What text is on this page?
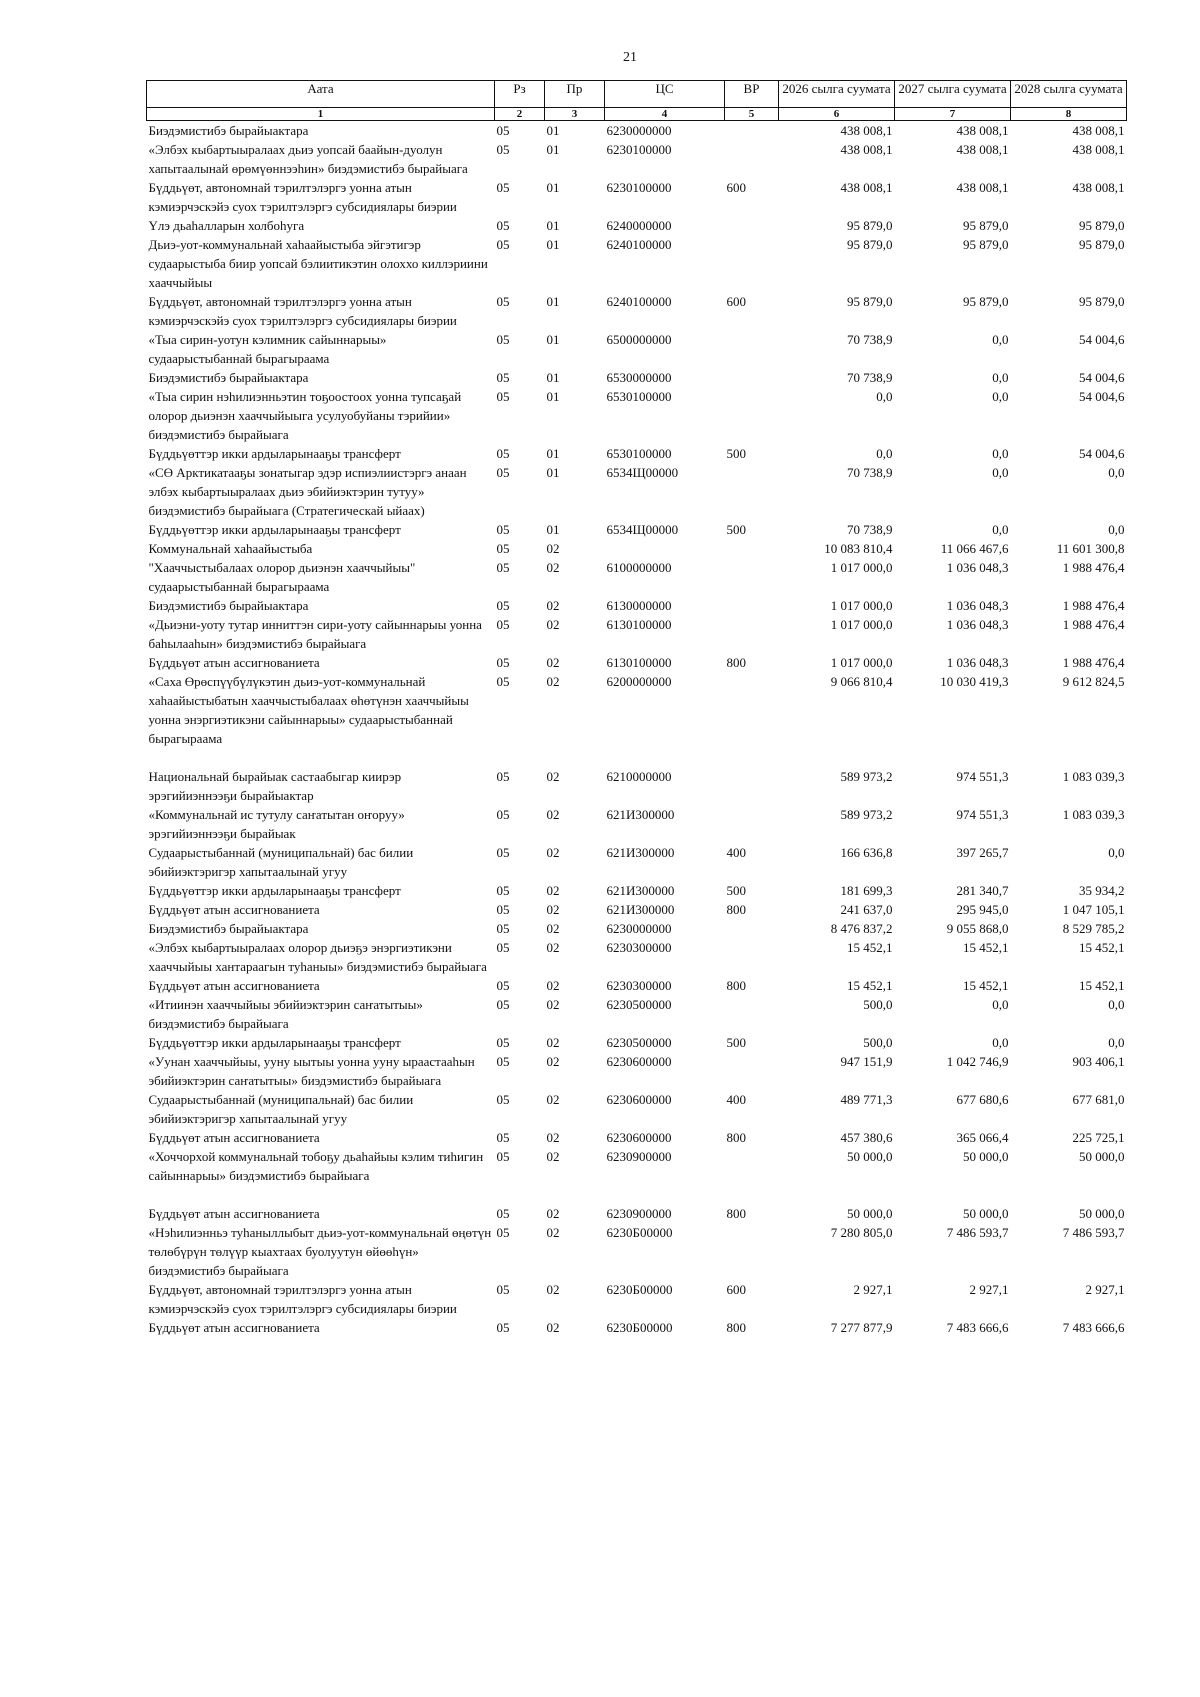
21
Аата	Рз	Пр	ЦС	ВР	2026 сылга суумата	2027 сылга суумата	2028 сылга суумата
1	2	3	4	5	6	7	8
Биэдэмистибэ бырайыактара	05	01	6230000000		438 008,1	438 008,1	438 008,1
«Элбэх кыбартыыралаах дьиэ уопсай баайын-дуолун хапытаалынай өрөмүөннээһин» биэдэмистибэ бырайыага	05	01	6230100000		438 008,1	438 008,1	438 008,1
Бүддьүөт, автономнай тэрилтэлэргэ уонна атын кэмиэрчэскэйэ суох тэрилтэлэргэ субсидиялары биэрии	05	01	6230100000	600	438 008,1	438 008,1	438 008,1
Үлэ дьаһалларын холбоһуга	05	01	6240000000		95 879,0	95 879,0	95 879,0
Дьиэ-уот-коммунальнай хаһаайыстыба эйгэтигэр судаарыстыба биир уопсай бэлиитикэтин олоххо киллэриини хааччыйыы	05	01	6240100000		95 879,0	95 879,0	95 879,0
Бүддьүөт, автономнай тэрилтэлэргэ уонна атын кэмиэрчэскэйэ суох тэрилтэлэргэ субсидиялары биэрии	05	01	6240100000	600	95 879,0	95 879,0	95 879,0
«Тыа сирин-уотун кэлимник сайыннарыы» судаарыстыбаннай бырагыраама	05	01	6500000000		70 738,9	0,0	54 004,6
Биэдэмистибэ бырайыактара	05	01	6530000000		70 738,9	0,0	54 004,6
«Тыа сирин нэһилиэнньэтин тоҕоостоох уонна тупсаҕай олорор дьиэнэн хааччыйыыга усулуобуйаны тэрийии» биэдэмистибэ бырайыага	05	01	6530100000		0,0	0,0	54 004,6
Бүддьүөттэр икки ардыларынааҕы трансферт	05	01	6530100000	500	0,0	0,0	54 004,6
«СӨ Арктикатааҕы зонатыгар эдэр испиэлиистэргэ анаан элбэх кыбартыыралаах дьиэ эбийиэктэрин тутуу» биэдэмистибэ бырайыага (Стратегическай ыйаах)	05	01	6534Щ00000		70 738,9	0,0	0,0
Бүддьүөттэр икки ардыларынааҕы трансферт	05	01	6534Щ00000	500	70 738,9	0,0	0,0
Коммунальнай хаһаайыстыба	05	02			10 083 810,4	11 066 467,6	11 601 300,8
"Хааччыстыбалаах олорор дьиэнэн хааччыйыы" судаарыстыбаннай бырагыраама	05	02	6100000000		1 017 000,0	1 036 048,3	1 988 476,4
Биэдэмистибэ бырайыактара	05	02	6130000000		1 017 000,0	1 036 048,3	1 988 476,4
«Дьиэни-уоту тутар инниттэн сири-уоту сайыннарыы уонна баһылааһын» биэдэмистибэ бырайыага	05	02	6130100000		1 017 000,0	1 036 048,3	1 988 476,4
Бүддьүөт атын ассигнованиета	05	02	6130100000	800	1 017 000,0	1 036 048,3	1 988 476,4
«Саха Өрөспүүбүлүкэтин дьиэ-уот-коммунальнай хаһаайыстыбатын хааччыстыбалаах өһөтүнэн хааччыйыы уонна энэргиэтикэни сайыннарыы» судаарыстыбаннай бырагыраама	05	02	6200000000		9 066 810,4	10 030 419,3	9 612 824,5
Национальнай бырайыак састаабыгар киирэр эрэгийиэннээҕи бырайыактар	05	02	6210000000		589 973,2	974 551,3	1 083 039,3
«Коммунальнай ис тутулу саҥатытан оҥоруу» эрэгийиэннээҕи бырайыак	05	02	621И300000		589 973,2	974 551,3	1 083 039,3
Судаарыстыбаннай (муниципальнай) бас билии эбийиэктэригэр хапытаалынай угуу	05	02	621И300000	400	166 636,8	397 265,7	0,0
Бүддьүөттэр икки ардыларынааҕы трансферт	05	02	621И300000	500	181 699,3	281 340,7	35 934,2
Бүддьүөт атын ассигнованиета	05	02	621И300000	800	241 637,0	295 945,0	1 047 105,1
Биэдэмистибэ бырайыактара	05	02	6230000000		8 476 837,2	9 055 868,0	8 529 785,2
«Элбэх кыбартыыралаах олорор дьиэҕэ энэргиэтикэни хааччыйыы хантараагын туһаныы» биэдэмистибэ бырайыага	05	02	6230300000		15 452,1	15 452,1	15 452,1
Бүддьүөт атын ассигнованиета	05	02	6230300000	800	15 452,1	15 452,1	15 452,1
«Итиинэн хааччыйыы эбийиэктэрин саҥатытыы» биэдэмистибэ бырайыага	05	02	6230500000		500,0	0,0	0,0
Бүддьүөттэр икки ардыларынааҕы трансферт	05	02	6230500000	500	500,0	0,0	0,0
«Уунан хааччыйыы, ууну ыытыы уонна ууну ыраастааһын эбийиэктэрин саҥатытыы» биэдэмистибэ бырайыага	05	02	6230600000		947 151,9	1 042 746,9	903 406,1
Судаарыстыбаннай (муниципальнай) бас билии эбийиэктэригэр хапытаалынай угуу	05	02	6230600000	400	489 771,3	677 680,6	677 681,0
Бүддьүөт атын ассигнованиета	05	02	6230600000	800	457 380,6	365 066,4	225 725,1
«Хоччорхой коммунальнай тобоҕу дьаһайыы кэлим тиһигин сайыннарыы» биэдэмистибэ бырайыага	05	02	6230900000		50 000,0	50 000,0	50 000,0
Бүддьүөт атын ассигнованиета	05	02	6230900000	800	50 000,0	50 000,0	50 000,0
«Нэһилиэнньэ туһаныллыбыт дьиэ-уот-коммунальнай өңөтүн төлөбүрүн төлүүр кыахтаах буолуутун өйөөһүн» биэдэмистибэ бырайыага	05	02	6230Б00000		7 280 805,0	7 486 593,7	7 486 593,7
Бүддьүөт, автономнай тэрилтэлэргэ уонна атын кэмиэрчэскэйэ суох тэрилтэлэргэ субсидиялары биэрии	05	02	6230Б00000	600	2 927,1	2 927,1	2 927,1
Бүддьүөт атын ассигнованиета	05	02	6230Б00000	800	7 277 877,9	7 483 666,6	7 483 666,6
